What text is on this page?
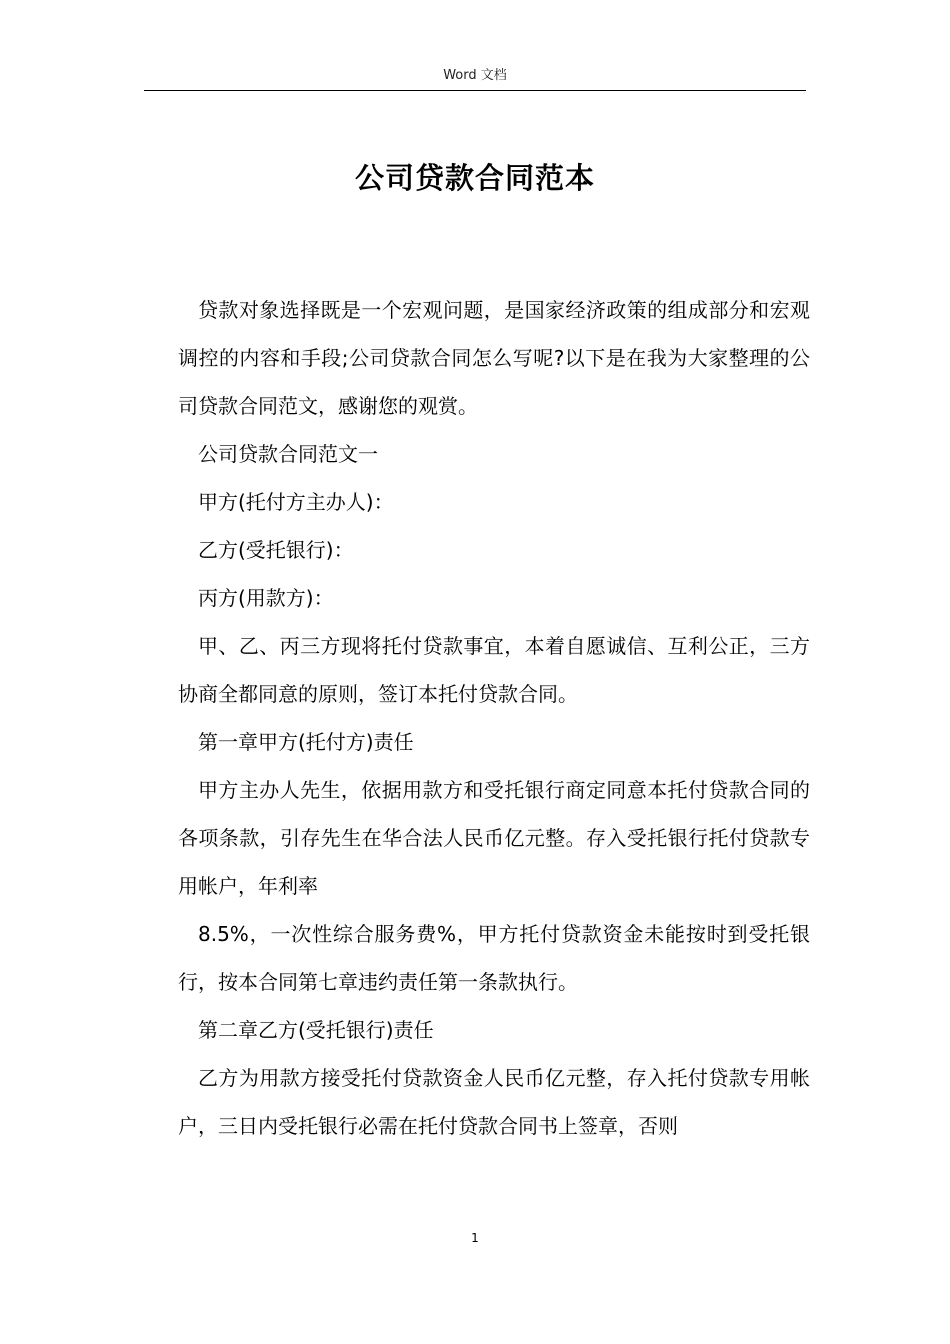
Word 文档
公司贷款合同范本

贷款对象选择既是一个宏观问题，是国家经济政策的组成部分和宏观调控的内容和手段;公司贷款合同怎么写呢?以下是在我为大家整理的公司贷款合同范文，感谢您的观赏。

公司贷款合同范文一

甲方(托付方主办人)：

乙方(受托银行)：

丙方(用款方)：

甲、乙、丙三方现将托付贷款事宜，本着自愿诚信、互利公正，三方协商全都同意的原则，签订本托付贷款合同。

第一章甲方(托付方)责任

甲方主办人先生，依据用款方和受托银行商定同意本托付贷款合同的各项条款，引存先生在华合法人民币亿元整。存入受托银行托付贷款专用帐户，年利率

8.5%，一次性综合服务费%，甲方托付贷款资金未能按时到受托银行，按本合同第七章违约责任第一条款执行。

第二章乙方(受托银行)责任

乙方为用款方接受托付贷款资金人民币亿元整，存入托付贷款专用帐户，三日内受托银行必需在托付贷款合同书上签章，否则

1
